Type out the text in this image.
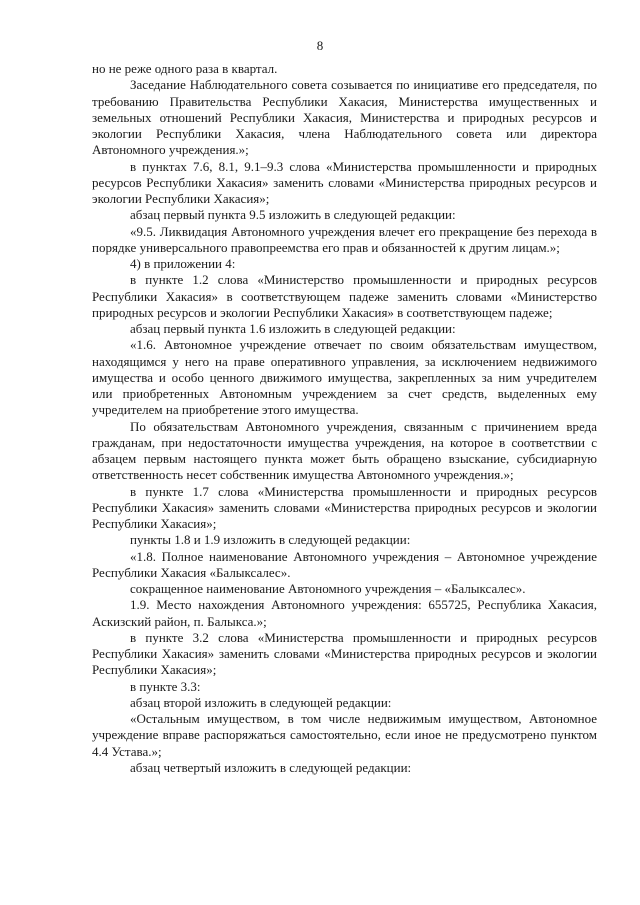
8

но не реже одного раза в квартал.

Заседание Наблюдательного совета созывается по инициативе его председателя, по требованию Правительства Республики Хакасия, Министерства имущественных и земельных отношений Республики Хакасия, Министерства и природных ресурсов и экологии Республики Хакасия, члена Наблюдательного совета или директора Автономного учреждения.»;

в пунктах 7.6, 8.1, 9.1–9.3 слова «Министерства промышленности и природных ресурсов Республики Хакасия» заменить словами «Министерства природных ресурсов и экологии Республики Хакасия»;

абзац первый пункта 9.5 изложить в следующей редакции:

«9.5. Ликвидация Автономного учреждения влечет его прекращение без перехода в порядке универсального правопреемства его прав и обязанностей к другим лицам.»;

4) в приложении 4:

в пункте 1.2 слова «Министерство промышленности и природных ресурсов Республики Хакасия» в соответствующем падеже заменить словами «Министерство природных ресурсов и экологии Республики Хакасия» в соответствующем падеже;

абзац первый пункта 1.6 изложить в следующей редакции:

«1.6. Автономное учреждение отвечает по своим обязательствам имуществом, находящимся у него на праве оперативного управления, за исключением недвижимого имущества и особо ценного движимого имущества, закрепленных за ним учредителем или приобретенных Автономным учреждением за счет средств, выделенных ему учредителем на приобретение этого имущества.

По обязательствам Автономного учреждения, связанным с причинением вреда гражданам, при недостаточности имущества учреждения, на которое в соответствии с абзацем первым настоящего пункта может быть обращено взыскание, субсидиарную ответственность несет собственник имущества Автономного учреждения.»;

в пункте 1.7 слова «Министерства промышленности и природных ресурсов Республики Хакасия» заменить словами «Министерства природных ресурсов и экологии Республики Хакасия»;

пункты 1.8 и 1.9 изложить в следующей редакции:

«1.8. Полное наименование Автономного учреждения – Автономное учреждение Республики Хакасия «Балыксалес».

сокращенное наименование Автономного учреждения – «Балыксалес».

1.9. Место нахождения Автономного учреждения: 655725, Республика Хакасия, Аскизский район, п. Балыкса.»;

в пункте 3.2 слова «Министерства промышленности и природных ресурсов Республики Хакасия» заменить словами «Министерства природных ресурсов и экологии Республики Хакасия»;

в пункте 3.3:

абзац второй изложить в следующей редакции:

«Остальным имуществом, в том числе недвижимым имуществом, Автономное учреждение вправе распоряжаться самостоятельно, если иное не предусмотрено пунктом 4.4 Устава.»;

абзац четвертый изложить в следующей редакции:
